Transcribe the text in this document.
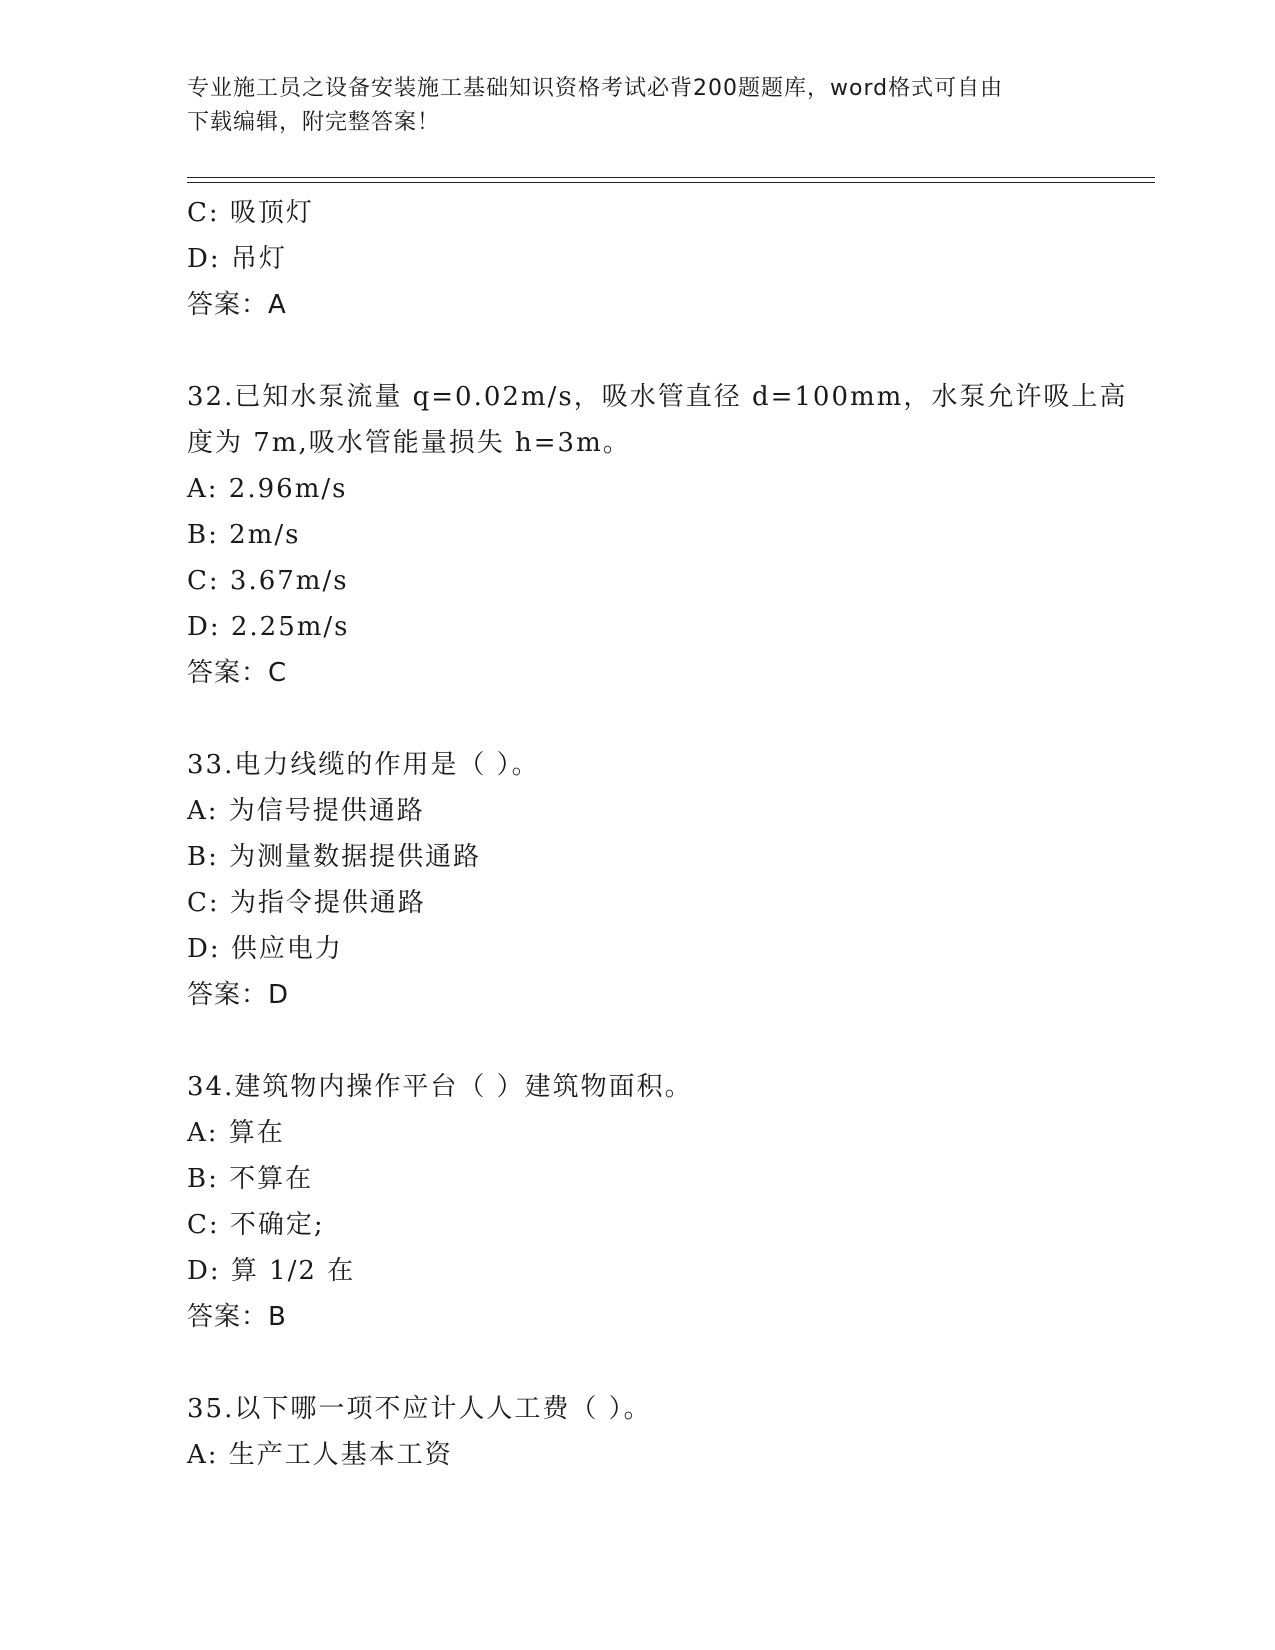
专业施工员之设备安装施工基础知识资格考试必背200题题库，word格式可自由
下载编辑，附完整答案！
C: 吸顶灯
D: 吊灯
答案：A
32.已知水泵流量 q=0.02m/s，吸水管直径 d=100mm，水泵允许吸上高
度为 7m,吸水管能量损失 h=3m。
A: 2.96m/s
B: 2m/s
C: 3.67m/s
D: 2.25m/s
答案：C
33.电力线缆的作用是（ ）。
A: 为信号提供通路
B: 为测量数据提供通路
C: 为指令提供通路
D: 供应电力
答案：D
34.建筑物内操作平台（ ）建筑物面积。
A: 算在
B: 不算在
C: 不确定;
D: 算 1/2 在
答案：B
35.以下哪一项不应计人人工费（ ）。
A: 生产工人基本工资
